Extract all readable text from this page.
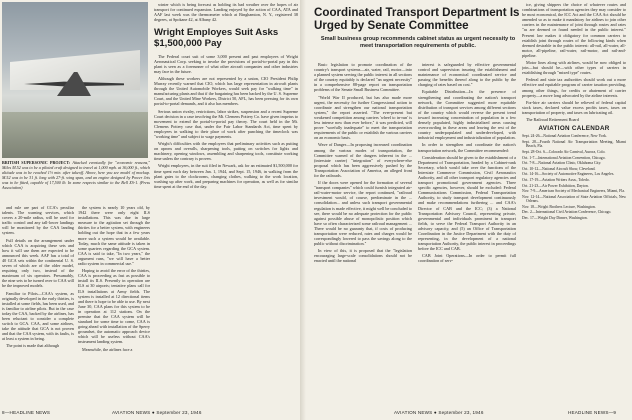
BRITISH SUPERSONIC PROJECT: Attacked eventually for "economic reasons," Miles M.52 was to be a piloted craft designed to travel at 1,000 mph. at 36,000 ft., which altitude was to be reached 1½ min. after takeoff. Above, here you see model of mockup. M.52 was to be 31 ft. long with 27-ft. wing span, and an engine designed by Power Jets was to be fitted, capable of 17,500 lb. In some respects similar to the Bell XS-1. (Press Association)

and rule are part of CCA's peculiar talents. The warning services, which covers a 20-mile radius, will be used for traffic control and any tall-lower landings will be monitored by the CAA landing system.

Full details on the arrangement under which CAA is acquiring these sets and how it will use them are expected to be announced this week. AAF has a total of 40 GCA sets within the continental U. S. seven of which are of the older model, requiring only two, instead of the maximum of six operators. Presumably, the nine sets to be turned over to CAA will be the improved models.

Familiar to Pilots—CAA's system, as originally developed in the early thirties, is installed at some fields, has been used, and is familiar to airline pilots. But in the case today the CAA, backed by the airlines, has been reluctant to consider a complete switch to GCA. CAA, and some airlines, take the attitude that GCA is not proven and that the CAA system, with its faults, is at least a system in being.

The point is made that although

the system is nearly 10 years old, by 1942 there were only eight ILS installations. This was due in large measure to the agitation set through the thirties for a better system, with engineers holding out the hope that in a few years more such a system would be available. Today, much the same attitude is taken in some quarters regarding the GCA system. CAA is said to take, "In two years," the argument runs, "we will have a better radio system in commercial use."

Hoping to avoid the error of the thirties, CAA is proceeding as fast as possible to install its ILS. Presently in operation are ILS at 30 airports; tentative plans call for ILS installations at Army fields. The system is installed at 12 directional items and there is hope to be able to use. By next June 30, CAA plans for this system to be in operation at 112 stations. On the premise that the CAA system will be standard for some time to come, CAA is going ahead with installation of the Sperry groundset, the automatic approach device which will be useless without CAA's instrument landing system.

Meanwhile, the airlines face a

winter which is being forecast as holding its bad weather over the hopes of air transport for continued expansion. Landing enjoyed by the action of CAA, ATA and AAF last week was the thermometer which at Binghamton, N. Y., registered 38 degrees, at Spokane 42, at Albany 42.

Wright Employes Suit Asks $1,500,000 Pay

The Federal court suit of some 3,000 present and past employees of Wright Aeronautical Corp. seeking to invoke the provisions of portal-to-portal pay in this plant is seen as a forerunner of what other aircraft companies and other industries may face in the future.

Although these workers are not represented by a union, CIO President Philip Murray recently warned that CIO, which has large representation in aircraft plants through the United Automobile Workers, would seek pay for "walking time" in manufacturing plants and that if the bargaining has been backed by the U. S. Supreme Court, and the United Mine Workers, District 50, AFL, has been pressing for its own portal-to-portal demands, and it also has members.

Serious union rivalry, restrictions, labor strikes, suspension and a recent Supreme Court decision in a case involving the Mt. Clemens Pottery Co. have given impetus to movement to extend the portal-to-portal pay theory. The court held in the Mt. Clemens Pottery case that, under the Fair Labor Standards Act, time spent by employees in walking to their place of work after punching the timeclock was "working time" and subject to wage payments.

Wright's difficulties with the employees that preliminary activities such as putting on aprons and overalls, sharpening tools, putting on switches for lights and machinery, opening windows, assembling and sharpening tools, constitute working time unless the contrary is proven.

Wright employees, in the suit filed in Newark, ask for an estimated $1,500,000 for time spent each day between Jan. 1, 1944, and Sept. 15, 1946, in walking from the plant gates to the clockrooms, changing clothes, walking to the work location, washing up after work, and preparing machines for operation, as well as for similar time spent at the end of the day.

8—HEADLINE NEWS	AVIATION NEWS ● September 23, 1946
Coordinated Transport Department Is Urged by Senate Committee
Small business group recommends cabinet status as urgent necessity to meet transportation requirements of public.

Basic legislation to promote coordination of the country's transport systems—air, water, rail, motor—into a planned system serving the public interest in all sections of the country equitably is declared "an urgent necessity" in a comprehensive 88-page report on transportation problems of the Senate Small Business Committee.

"World War II produced, but has also made more urgent, the necessity for further Congressional action to coordinate and strengthen our national transportation system," the report asserted. "The ever-present but weakened competition among carriers 'wheel to in-run' is less intense now than ever before," it was predicted, will prove "woefully inadequate" to meet the transportation requirements of the public or establish the various carriers on an economic basis.

Wave of Danger—In proposing increased coordination among the various modes of transportation, the Committee warned of the dangers inherent in the ... (interstate carrier) "integration" of everywhere-else proposal which has been aggressively pushed by the Transportation Association of America, an alleged front for the railroads.

If the doors were opened for the formation of several "transport companies" which could furnish integrated air-rail-water-motor service, the report continued, "railroad investment would, of course, predominate in the ... consolidation... and unless such transport governmental regulation is made effective, it might well be concluded to see, there would be no adequate protection for the public against possible abuse of monopolistic position which have so often characterized some railroad management ... There would be no guaranty that, if costs of producing transportation were reduced, rates and charges would be correspondingly lowered to pass the savings along to the public without discrimination."

In view of this, it is proposed that the "legislation encouraging large-scale consolidations should not be enacted until the national

interest is safeguarded by effective governmental control and supervision insuring the establishment and maintenance of economical coordinated service and passing the benefits thereof along to the public by the charging of rates based on cost."

Equitable Distribution—In the presence of strengthening and coordinating the nation's transport network, the Committee suggested more equitable distribution of transport services among different sections of the country which would reverse the present trend toward increasing concentration of population in a few densely populated, highly industrialized areas causing overcrowding in these areas and leaving the rest of the country underpopulated and underdeveloped, with industrial employment and industrialization of population.

In order to strengthen and coordinate the nation's transportation network, the Committee recommended:

Consideration should be given to the establishment of a Department of Transportation, headed by a Cabinet-rank Secretary, which would take over the functions of the Interstate Commerce Commission, Civil Aeronautics Authority, and all other transport regulatory agencies and transport promotional government agencies. Three specific agencies, however, should be excluded: Federal Communications Commission, Federal Transportation Authority, to study transport development continuously and make recommendations furthering ... and CAA's Director of CAB and the ICC; (3) a National Transportation Advisory Council, representing private, governmental and individuals prominent in transport fields, to serve the Federal Transport Authority in an advisory capacity, and (5) an Office of Transportation Coordination in the Justice Department with the duty of representing, in the development of a national transportation Authority, the public interest in proceedings before the ICC and CAB.

CAB Joint Operations—In order to permit full coordination of serv-

ice, giving shippers the choice of whatever routes and combinations of transportation agencies they may consider to be most economical, the ICC Act and the CAA Act should be amended so as to make it mandatory for airlines to join other carriers in the maintenance of joint through routes and rates "as are deemed or found needed in the public interest." Present law makes it obligatory for common carriers to establish joint through routes of the following kinds when deemed desirable in the public interest: all-rail, all-water, all-motor, all-pipeline, rail-water, rail-motor, and rail-and-pipeline.

Motor lines along with airlines, would be now obliged to join—but should be—with other types of carriers in establishing through "mixed type" routes.

Federal and state tax authorities should work out a more effective and equitable program of carrier taxation providing, among other things, for credits or abatement of carrier property—a move long advocated by the airline interests.

For-hire air carriers should be relieved of federal capital stock taxes, declared value excess profits taxes, taxes on transportation of property, and taxes on lubricating oil.

The Railroad Retirement Board

AVIATION CALENDAR
Sept. 24-26—National Aviation Conference, New York.
Sept. 28—Fourth National Air Transportation Meeting, Miami Beach, Fla.
Sept. 28-Oct. 6—Colorado Air Carnival, Aurora, Colo.
Oct. 1-7—International Aviation Convention, Chicago.
Oct. 7-8—National Aviation Clinic, Oklahoma City.
Oct. 10-12—National Aircraft Show, Cleveland.
Oct. 14-16—Society of Automotive Engineers, Los Angeles.
Oct. 17-19—Aviation Writers Assn., Toledo.
Oct. 21-23—Air Power Exhibition, Dayton.
Nov. 7-9—American Society of Mechanical Engineers, Miami, Fla.
Nov. 12-14—National Association of State Aviation Officials, New Orleans.
Nov. 18—Wright Brothers Lecture, Washington.
Dec. 2—International Civil Aviation Conference, Chicago.
Dec. 17—Wright Day Dinner, Washington.
AVIATION NEWS ● September 23, 1946	HEADLINE NEWS—9
